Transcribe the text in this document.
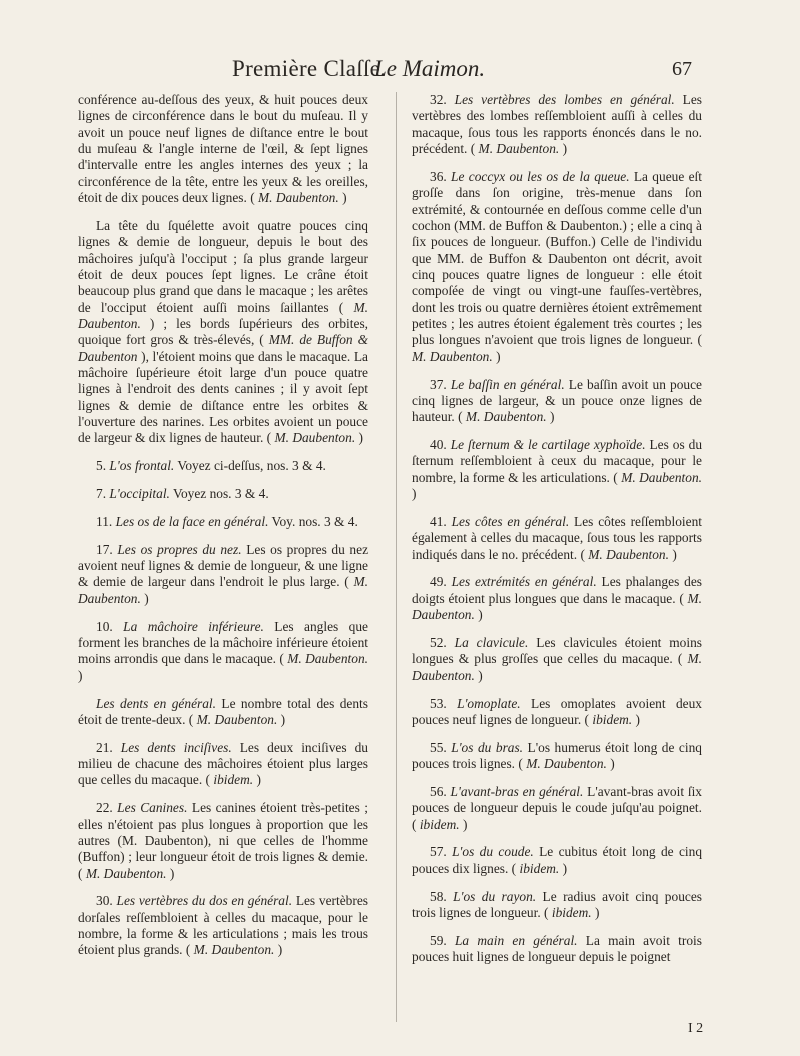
Première Claſſe.
Le Maimon.	67

conférence au-deſſous des yeux, & huit pouces deux lignes de circonférence dans le bout du muſeau. Il y avoit un pouce neuf lignes de diſtance entre le bout du muſeau & l'angle interne de l'œil, & ſept lignes d'intervalle entre les angles internes des yeux ; la circonférence de la tête, entre les yeux & les oreilles, étoit de dix pouces deux lignes. ( M. Daubenton. )

La tête du ſquélette avoit quatre pouces cinq lignes & demie de longueur, depuis le bout des mâchoires juſqu'à l'occiput ; ſa plus grande largeur étoit de deux pouces ſept lignes. Le crâne étoit beaucoup plus grand que dans le macaque ; les arêtes de l'occiput étoient auſſi moins ſaillantes ( M. Daubenton. ) ; les bords ſupérieurs des orbites, quoique fort gros & très-élevés, ( MM. de Buffon & Daubenton ), l'étoient moins que dans le macaque. La mâchoire ſupérieure étoit large d'un pouce quatre lignes à l'endroit des dents canines ; il y avoit ſept lignes & demie de diſtance entre les orbites & l'ouverture des narines. Les orbites avoient un pouce de largeur & dix lignes de hauteur. ( M. Daubenton. )

5. L'os frontal. Voyez ci-deſſus, nos. 3 & 4.

7. L'occipital. Voyez nos. 3 & 4.

11. Les os de la face en général. Voy. nos. 3 & 4.

17. Les os propres du nez. Les os propres du nez avoient neuf lignes & demie de longueur, & une ligne & demie de largeur dans l'endroit le plus large. ( M. Daubenton. )

10. La mâchoire inférieure. Les angles que forment les branches de la mâchoire inférieure étoient moins arrondis que dans le macaque. ( M. Daubenton. )

Les dents en général. Le nombre total des dents étoit de trente-deux. ( M. Daubenton. )

21. Les dents inciſives. Les deux inciſives du milieu de chacune des mâchoires étoient plus larges que celles du macaque. ( ibidem. )

22. Les Canines. Les canines étoient très-petites ; elles n'étoient pas plus longues à proportion que les autres (M. Daubenton), ni que celles de l'homme (Buffon) ; leur longueur étoit de trois lignes & demie. ( M. Daubenton. )

30. Les vertèbres du dos en général. Les vertèbres dorſales reſſembloient à celles du macaque, pour le nombre, la forme & les articulations ; mais les trous étoient plus grands. ( M. Daubenton. )

32. Les vertèbres des lombes en général. Les vertèbres des lombes reſſembloient auſſi à celles du macaque, ſous tous les rapports énoncés dans le no. précédent. ( M. Daubenton. )

36. Le coccyx ou les os de la queue. La queue eſt groſſe dans ſon origine, très-menue dans ſon extrémité, & contournée en deſſous comme celle d'un cochon (MM. de Buffon & Daubenton.) ; elle a cinq à ſix pouces de longueur. (Buffon.) Celle de l'individu que MM. de Buffon & Daubenton ont décrit, avoit cinq pouces quatre lignes de longueur : elle étoit compoſée de vingt ou vingt-une fauſſes-vertèbres, dont les trois ou quatre dernières étoient extrêmement petites ; les autres étoient également très courtes ; les plus longues n'avoient que trois lignes de longueur. ( M. Daubenton. )

37. Le baſſin en général. Le baſſin avoit un pouce cinq lignes de largeur, & un pouce onze lignes de hauteur. ( M. Daubenton. )

40. Le ſternum & le cartilage xyphoïde. Les os du ſternum reſſembloient à ceux du macaque, pour le nombre, la forme & les articulations. ( M. Daubenton. )

41. Les côtes en général. Les côtes reſſembloient également à celles du macaque, ſous tous les rapports indiqués dans le no. précédent. ( M. Daubenton. )

49. Les extrémités en général. Les phalanges des doigts étoient plus longues que dans le macaque. ( M. Daubenton. )

52. La clavicule. Les clavicules étoient moins longues & plus groſſes que celles du macaque. ( M. Daubenton. )

53. L'omoplate. Les omoplates avoient deux pouces neuf lignes de longueur. ( ibidem. )

55. L'os du bras. L'os humerus étoit long de cinq pouces trois lignes. ( M. Daubenton. )

56. L'avant-bras en général. L'avant-bras avoit ſix pouces de longueur depuis le coude juſqu'au poignet. ( ibidem. )

57. L'os du coude. Le cubitus étoit long de cinq pouces dix lignes. ( ibidem. )

58. L'os du rayon. Le radius avoit cinq pouces trois lignes de longueur. ( ibidem. )

59. La main en général. La main avoit trois pouces huit lignes de longueur depuis le poignet

I 2
